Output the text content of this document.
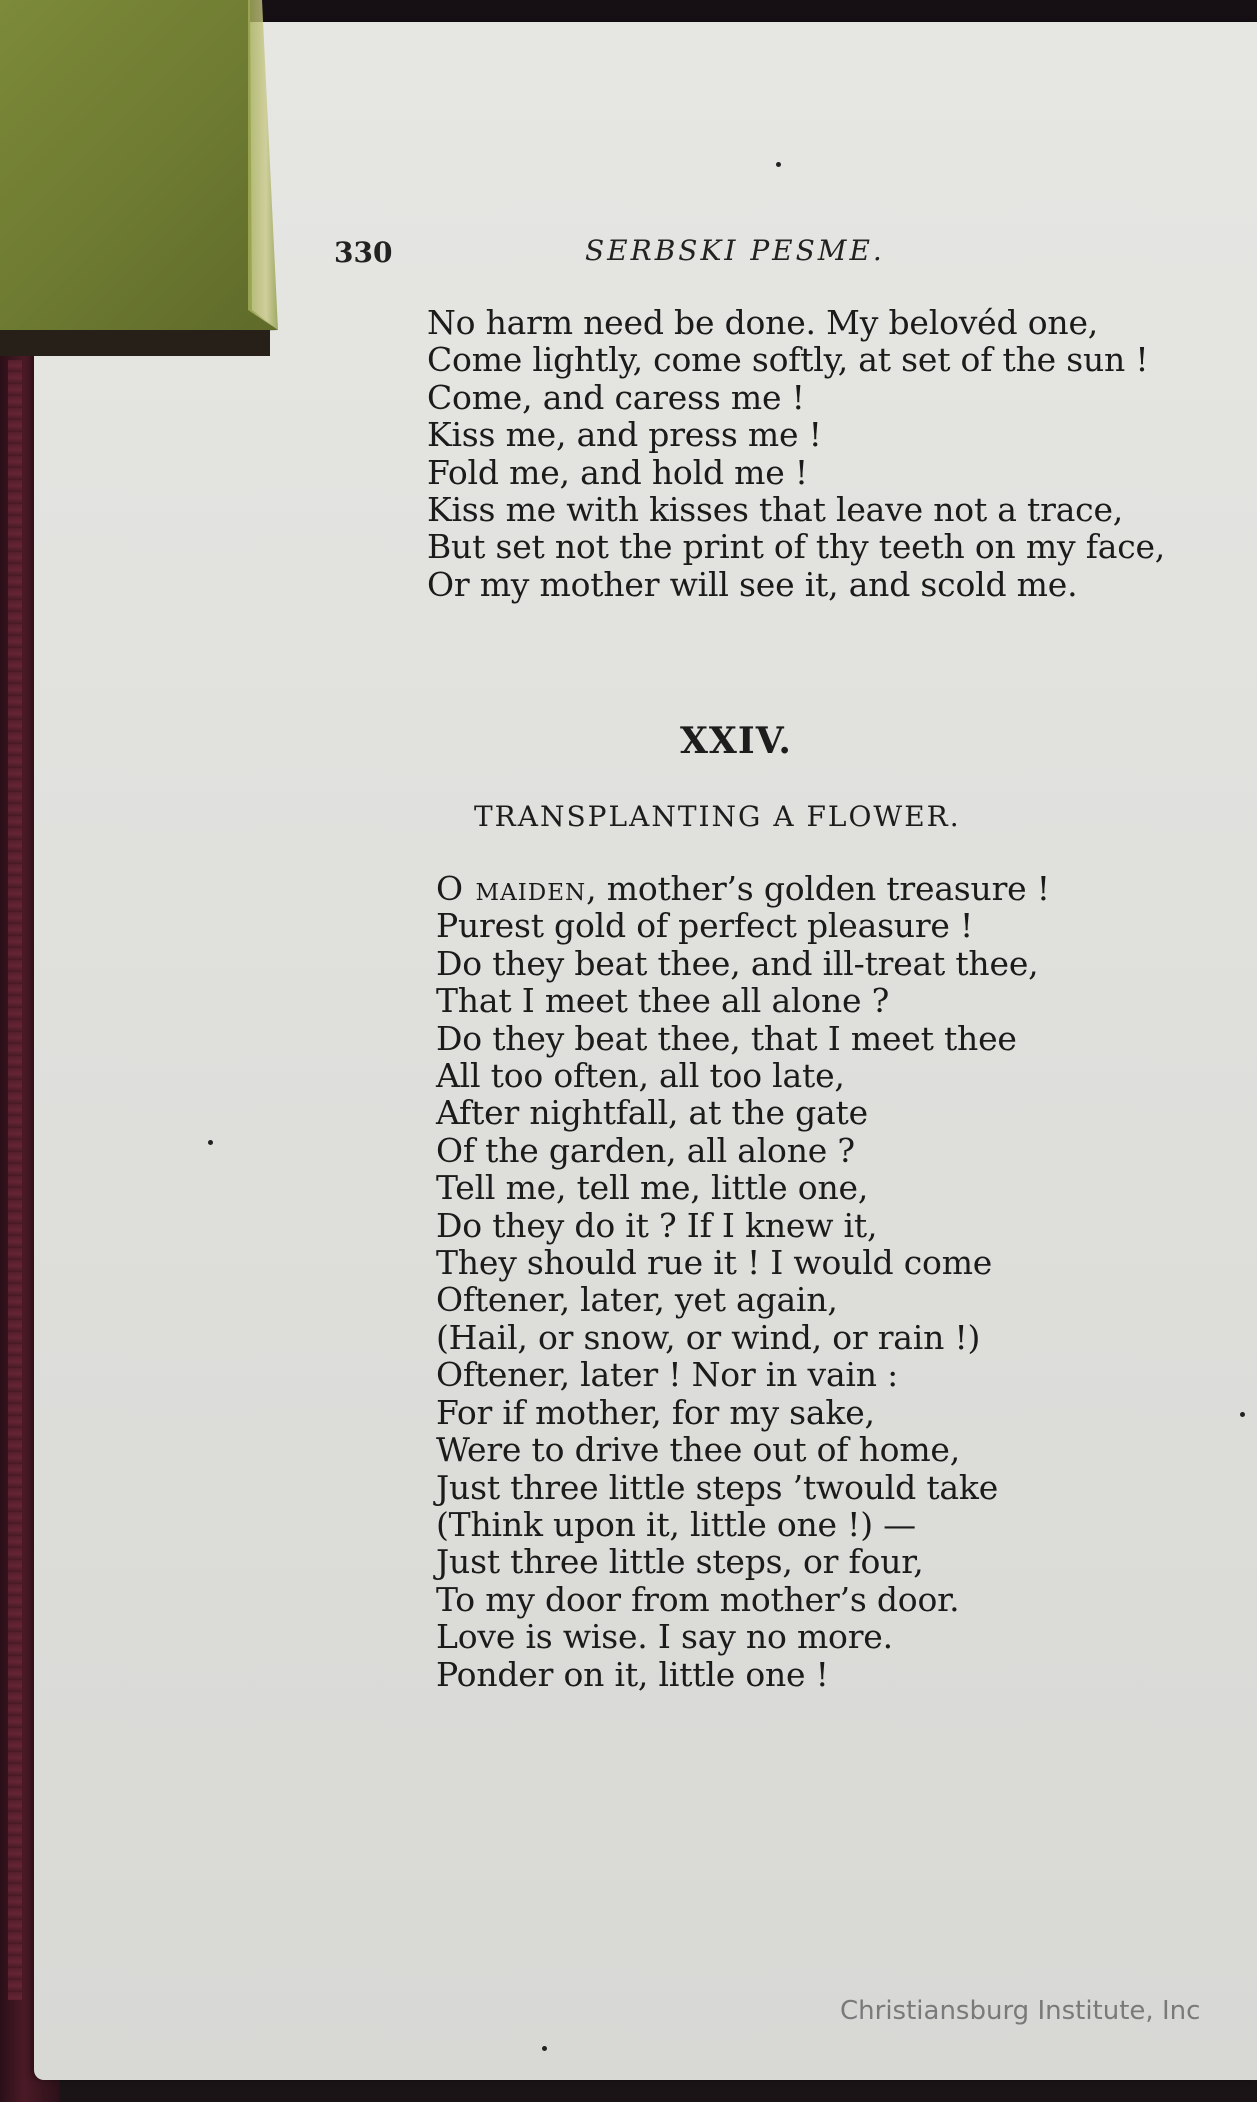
330	SERBSKI PESME.
No harm need be done. My belovéd one,
Come lightly, come softly, at set of the sun !
Come, and caress me !
Kiss me, and press me !
Fold me, and hold me !
Kiss me with kisses that leave not a trace,
But set not the print of thy teeth on my face,
Or my mother will see it, and scold me.
XXIV.
TRANSPLANTING A FLOWER.
O maiden, mother’s golden treasure !
Purest gold of perfect pleasure !
Do they beat thee, and ill-treat thee,
That I meet thee all alone ?
Do they beat thee, that I meet thee
All too often, all too late,
After nightfall, at the gate
Of the garden, all alone ?
Tell me, tell me, little one,
Do they do it ? If I knew it,
They should rue it ! I would come
Oftener, later, yet again,
(Hail, or snow, or wind, or rain !)
Oftener, later ! Nor in vain :
For if mother, for my sake,
Were to drive thee out of home,
Just three little steps ’twould take
(Think upon it, little one !) —
Just three little steps, or four,
To my door from mother’s door.
Love is wise. I say no more.
Ponder on it, little one !
Christiansburg Institute, Inc
